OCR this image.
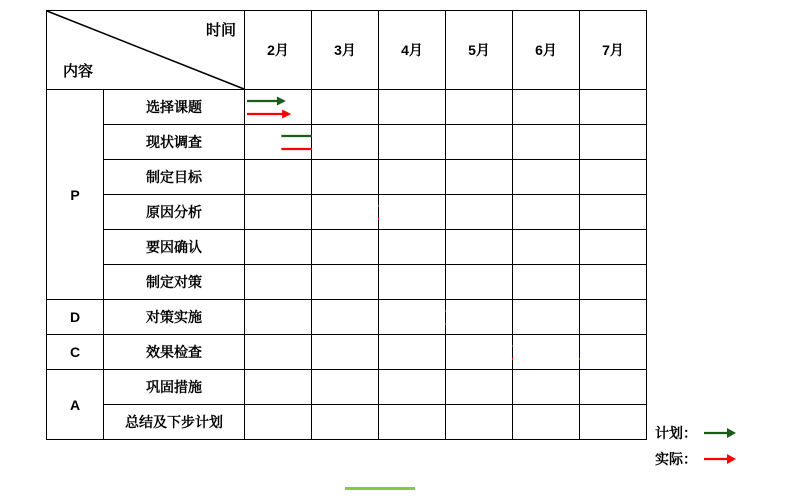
时间
内容		2月	3月	4月	5月	6月	7月
P	选择课题	

	现状调查	

	制定目标	

	原因分析	

	要因确认	

	制定对策	

D	对策实施	

C	效果检查	

A	巩固措施	

	总结及下步计划	

计划：
实际：
